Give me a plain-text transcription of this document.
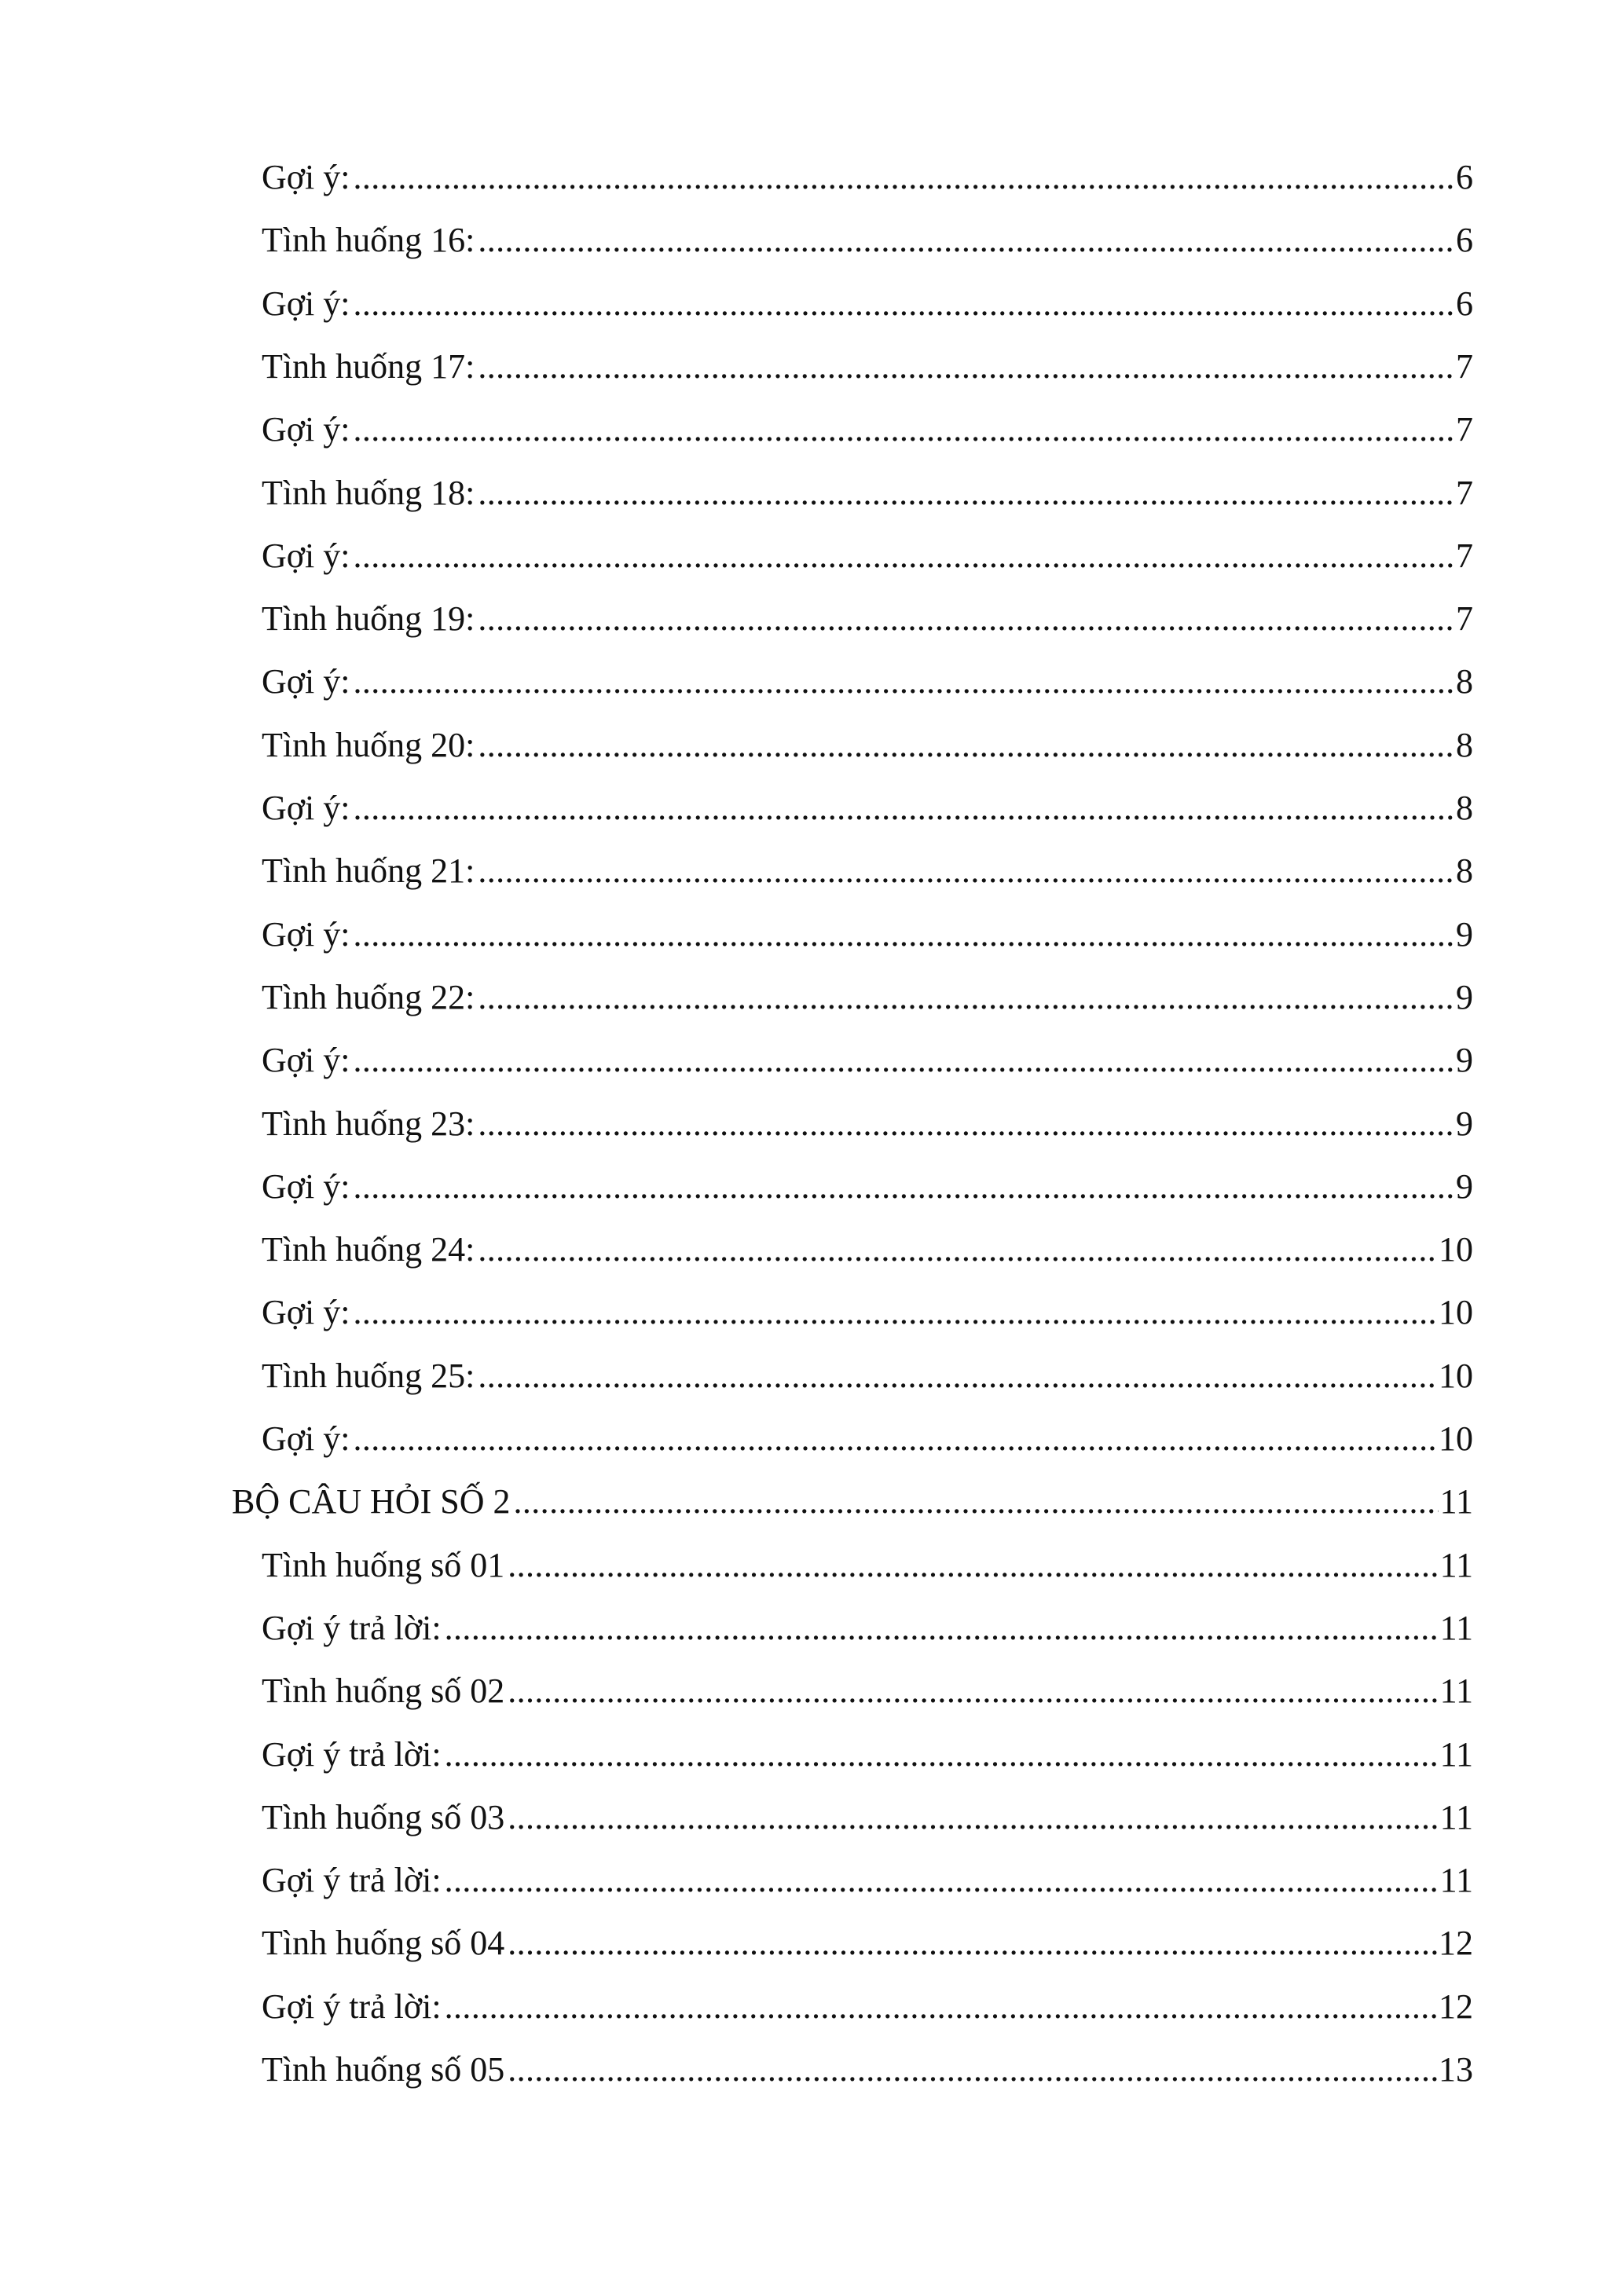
Gợi ý: .....	6
Tình huống 16: .....	6
Gợi ý: .....	6
Tình huống 17: .....	7
Gợi ý: .....	7
Tình huống 18: .....	7
Gợi ý: .....	7
Tình huống 19: .....	7
Gợi ý: .....	8
Tình huống 20: .....	8
Gợi ý: .....	8
Tình huống 21: .....	8
Gợi ý: .....	9
Tình huống 22: .....	9
Gợi ý: .....	9
Tình huống 23: .....	9
Gợi ý: .....	9
Tình huống 24: .....	10
Gợi ý: .....	10
Tình huống 25: .....	10
Gợi ý: .....	10
BỘ CÂU HỎI SỐ 2 .....	11
Tình huống số 01 .....	11
Gợi ý trả lời: .....	11
Tình huống số 02 .....	11
Gợi ý trả lời: .....	11
Tình huống số 03 .....	11
Gợi ý trả lời: .....	11
Tình huống số 04 .....	12
Gợi ý trả lời: .....	12
Tình huống số 05 .....	13
